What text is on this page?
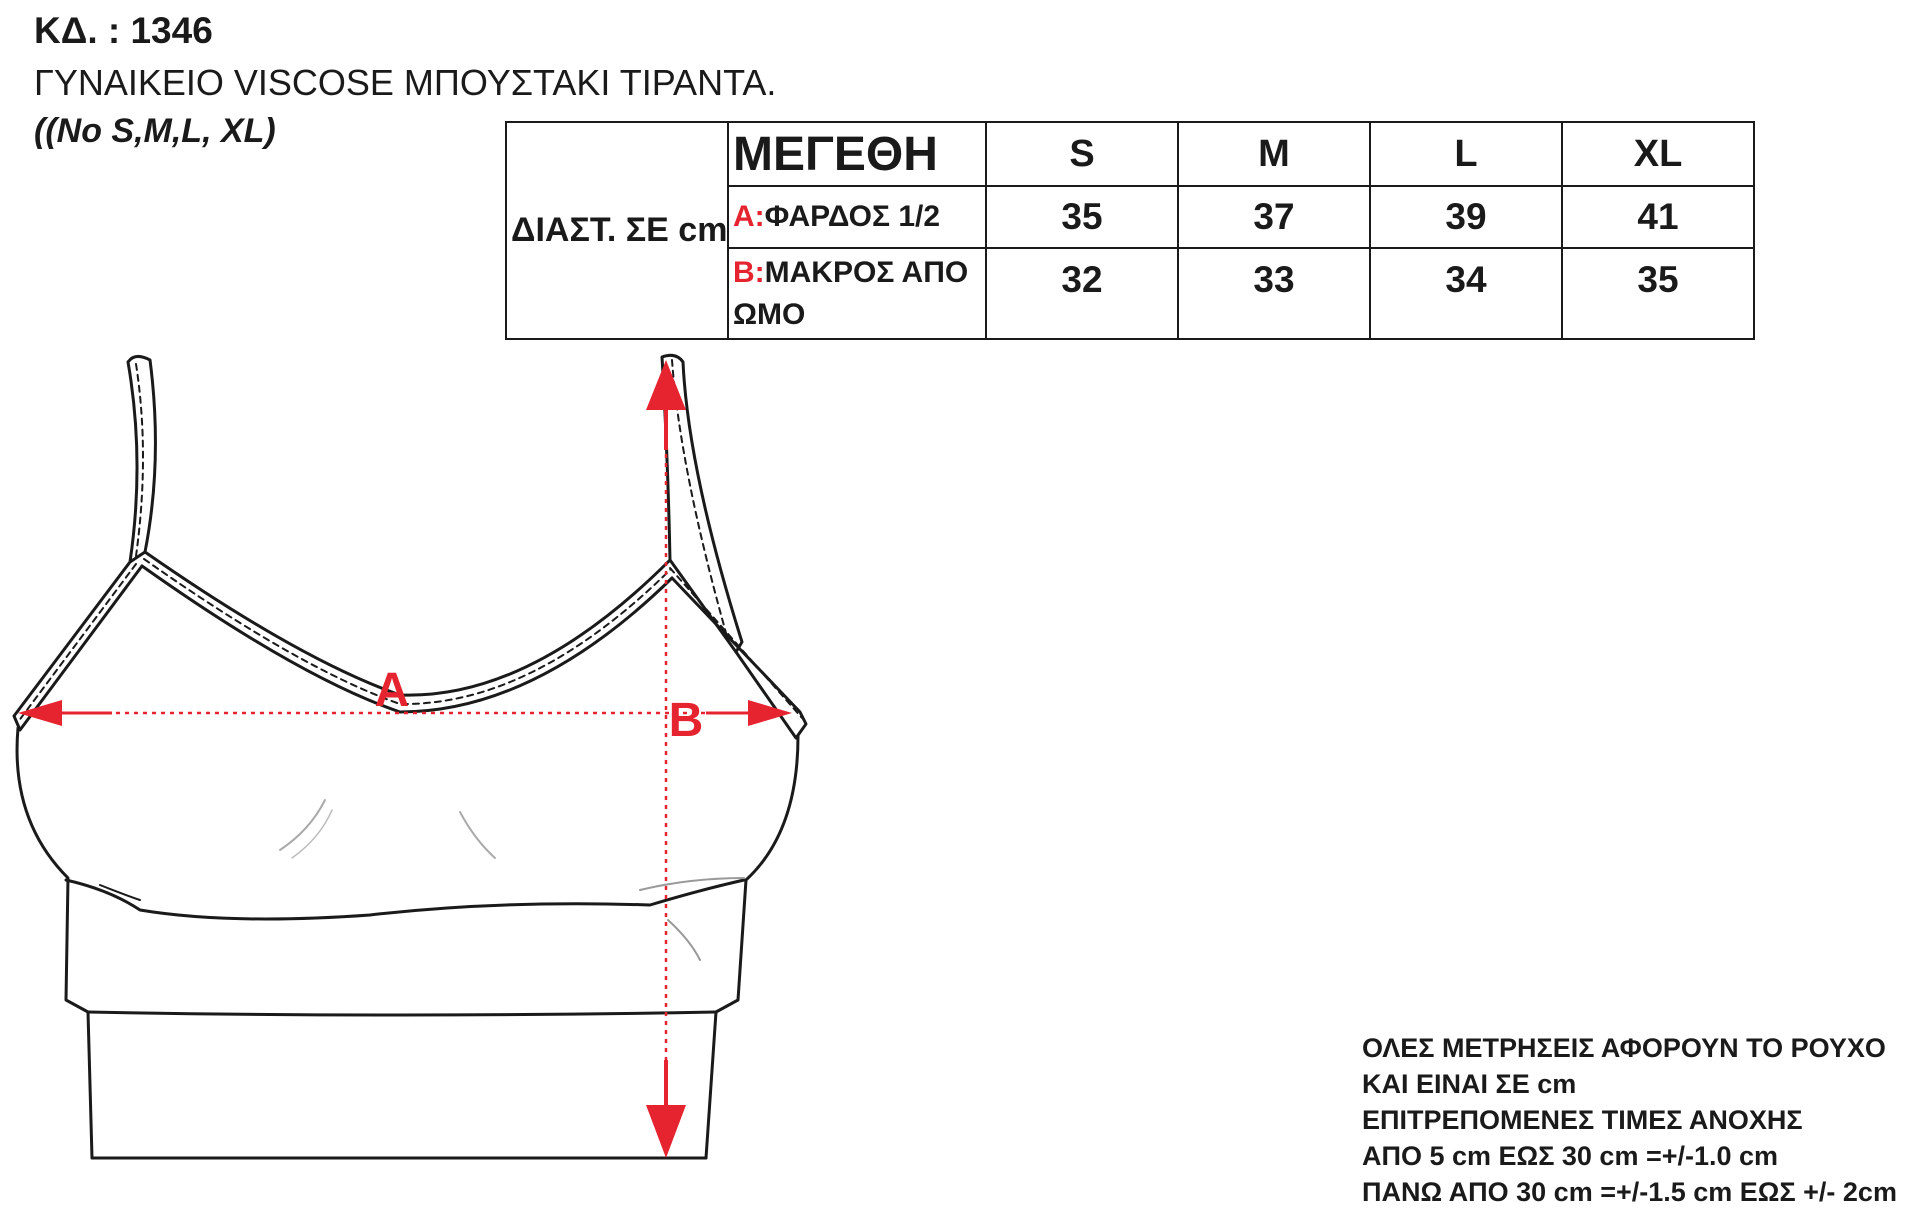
ΚΔ. : 1346
ΓΥΝΑΙΚΕΙΟ VISCOSE ΜΠΟΥΣΤΑΚΙ ΤΙΡΑΝΤΑ.
((No S,M,L, XL)
ΔΙΑΣΤ. ΣΕ cm	ΜΕΓΕΘΗ	S	M	L	XL
	A:ΦΑΡΔΟΣ 1/2	35	37	39	41
	B:ΜΑΚΡΟΣ ΑΠΟ ΩΜΟ	32	33	34	35
A
B
ΟΛΕΣ ΜΕΤΡΗΣΕΙΣ ΑΦΟΡΟΥΝ ΤΟ ΡΟΥΧΟ
ΚΑΙ ΕΙΝΑΙ ΣΕ cm
ΕΠΙΤΡΕΠΟΜΕΝΕΣ ΤΙΜΕΣ ΑΝΟΧΗΣ
ΑΠΟ 5 cm ΕΩΣ 30 cm =+/-1.0 cm
ΠΑΝΩ ΑΠΟ 30 cm =+/-1.5 cm ΕΩΣ +/- 2cm
